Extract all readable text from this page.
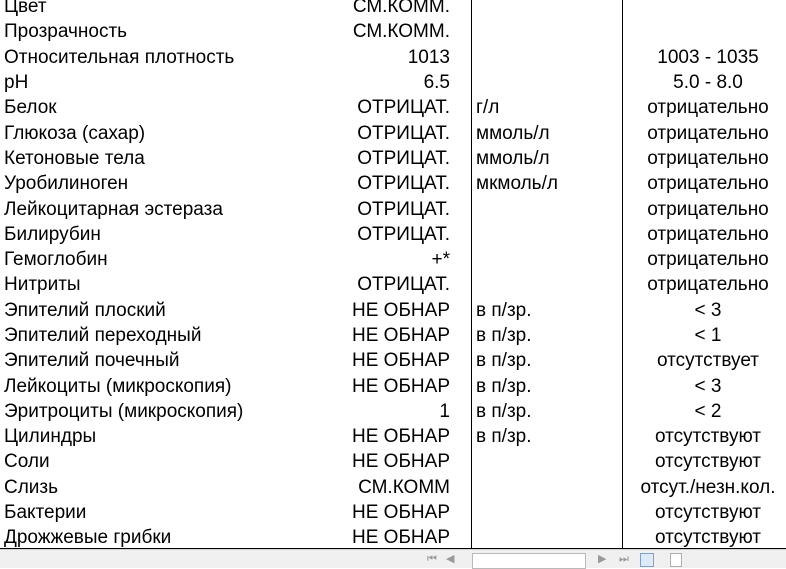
Цвет	СМ.КОММ.		
Прозрачность	СМ.КОММ.		
Относительная плотность	1013		1003 - 1035
pH	6.5		5.0 - 8.0
Белок	ОТРИЦАТ.	г/л	отрицательно
Глюкоза (сахар)	ОТРИЦАТ.	ммоль/л	отрицательно
Кетоновые тела	ОТРИЦАТ.	ммоль/л	отрицательно
Уробилиноген	ОТРИЦАТ.	мкмоль/л	отрицательно
Лейкоцитарная эстераза	ОТРИЦАТ.		отрицательно
Билирубин	ОТРИЦАТ.		отрицательно
Гемоглобин	+*		отрицательно
Нитриты	ОТРИЦАТ.		отрицательно
Эпителий плоский	НЕ ОБНАР	в п/зр.	< 3
Эпителий переходный	НЕ ОБНАР	в п/зр.	< 1
Эпителий почечный	НЕ ОБНАР	в п/зр.	отсутствует
Лейкоциты (микроскопия)	НЕ ОБНАР	в п/зр.	< 3
Эритроциты (микроскопия)	1	в п/зр.	< 2
Цилиндры	НЕ ОБНАР	в п/зр.	отсутствуют
Соли	НЕ ОБНАР		отсутствуют
Слизь	СМ.КОММ		отсут./незн.кол.
Бактерии	НЕ ОБНАР		отсутствуют
Дрожжевые грибки	НЕ ОБНАР		отсутствуют
⏮ ◀	▶ ⏭
